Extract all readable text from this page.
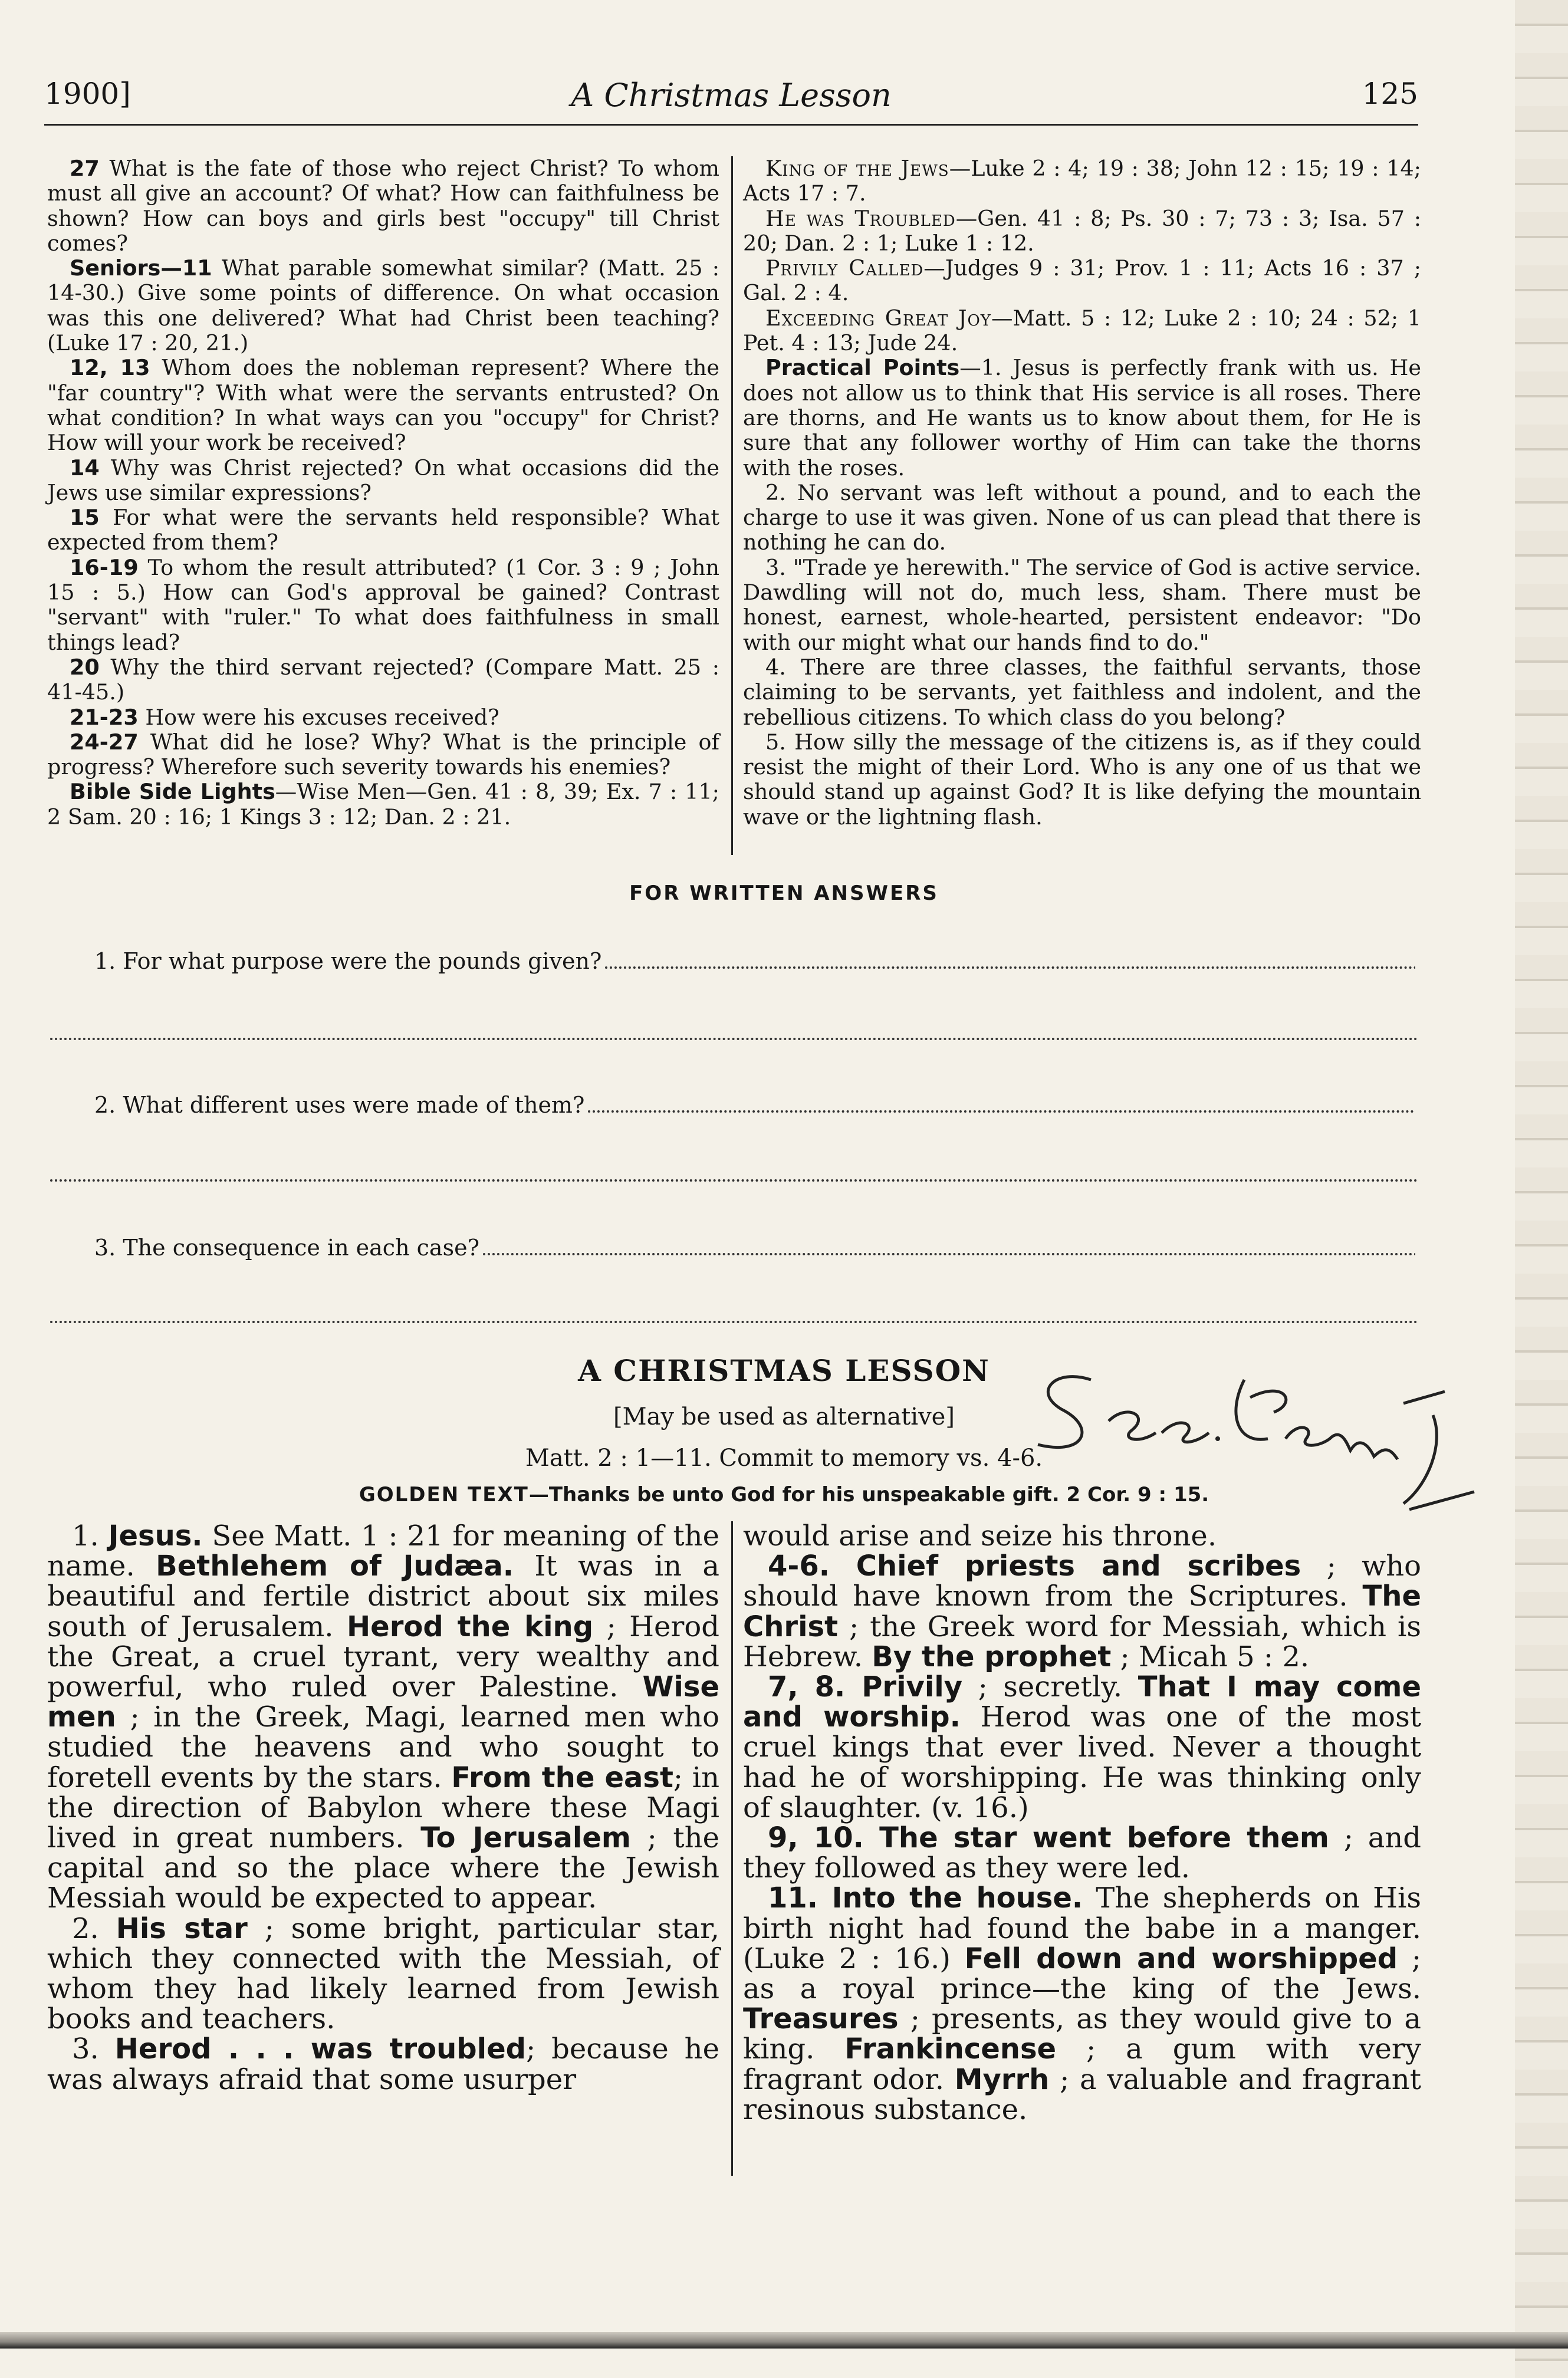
1900]	A Christmas Lesson	125

27 What is the fate of those who reject Christ? To whom must all give an account? Of what? How can faithfulness be shown? How can boys and girls best "occupy" till Christ comes?

Seniors—11 What parable somewhat similar? (Matt. 25 : 14-30.) Give some points of difference. On what occasion was this one delivered? What had Christ been teaching? (Luke 17 : 20, 21.)

12, 13 Whom does the nobleman represent? Where the "far country"? With what were the servants entrusted? On what condition? In what ways can you "occupy" for Christ? How will your work be received?

14 Why was Christ rejected? On what occasions did the Jews use similar expressions?

15 For what were the servants held responsible? What expected from them?

16-19 To whom the result attributed? (1 Cor. 3 : 9 ; John 15 : 5.) How can God's approval be gained? Contrast "servant" with "ruler." To what does faithfulness in small things lead?

20 Why the third servant rejected? (Compare Matt. 25 : 41-45.)

21-23 How were his excuses received?

24-27 What did he lose? Why? What is the principle of progress? Wherefore such severity towards his enemies?

Bible Side Lights—Wise Men—Gen. 41 : 8, 39; Ex. 7 : 11; 2 Sam. 20 : 16; 1 Kings 3 : 12; Dan. 2 : 21.

King of the Jews—Luke 2 : 4; 19 : 38; John 12 : 15; 19 : 14; Acts 17 : 7.

He was Troubled—Gen. 41 : 8; Ps. 30 : 7; 73 : 3; Isa. 57 : 20; Dan. 2 : 1; Luke 1 : 12.

Privily Called—Judges 9 : 31; Prov. 1 : 11; Acts 16 : 37 ; Gal. 2 : 4.

Exceeding Great Joy—Matt. 5 : 12; Luke 2 : 10; 24 : 52; 1 Pet. 4 : 13; Jude 24.

Practical Points—1. Jesus is perfectly frank with us. He does not allow us to think that His service is all roses. There are thorns, and He wants us to know about them, for He is sure that any follower worthy of Him can take the thorns with the roses.

2. No servant was left without a pound, and to each the charge to use it was given. None of us can plead that there is nothing he can do.

3. "Trade ye herewith." The service of God is active service. Dawdling will not do, much less, sham. There must be honest, earnest, whole-hearted, persistent endeavor: "Do with our might what our hands find to do."

4. There are three classes, the faithful servants, those claiming to be servants, yet faithless and indolent, and the rebellious citizens. To which class do you belong?

5. How silly the message of the citizens is, as if they could resist the might of their Lord. Who is any one of us that we should stand up against God? It is like defying the mountain wave or the lightning flash.

FOR WRITTEN ANSWERS
1. For what purpose were the pounds given?
2. What different uses were made of them?
3. The consequence in each case?
A CHRISTMAS LESSON
[May be used as alternative]
Matt. 2 : 1—11. Commit to memory vs. 4-6.
GOLDEN TEXT—Thanks be unto God for his unspeakable gift. 2 Cor. 9 : 15.

1. Jesus. See Matt. 1 : 21 for meaning of the name. Bethlehem of Judæa. It was in a beautiful and fertile district about six miles south of Jerusalem. Herod the king ; Herod the Great, a cruel tyrant, very wealthy and powerful, who ruled over Palestine. Wise men ; in the Greek, Magi, learned men who studied the heavens and who sought to foretell events by the stars. From the east; in the direction of Babylon where these Magi lived in great numbers. To Jerusalem ; the capital and so the place where the Jewish Messiah would be expected to appear.

2. His star ; some bright, particular star, which they connected with the Messiah, of whom they had likely learned from Jewish books and teachers.

3. Herod . . . was troubled; because he was always afraid that some usurper

would arise and seize his throne.

4-6. Chief priests and scribes ; who should have known from the Scriptures. The Christ ; the Greek word for Messiah, which is Hebrew. By the prophet ; Micah 5 : 2.

7, 8. Privily ; secretly. That I may come and worship. Herod was one of the most cruel kings that ever lived. Never a thought had he of worshipping. He was thinking only of slaughter. (v. 16.)

9, 10. The star went before them ; and they followed as they were led.

11. Into the house. The shepherds on His birth night had found the babe in a manger. (Luke 2 : 16.) Fell down and worshipped ; as a royal prince—the king of the Jews. Treasures ; presents, as they would give to a king. Frankincense ; a gum with very fragrant odor. Myrrh ; a valuable and fragrant resinous substance.
